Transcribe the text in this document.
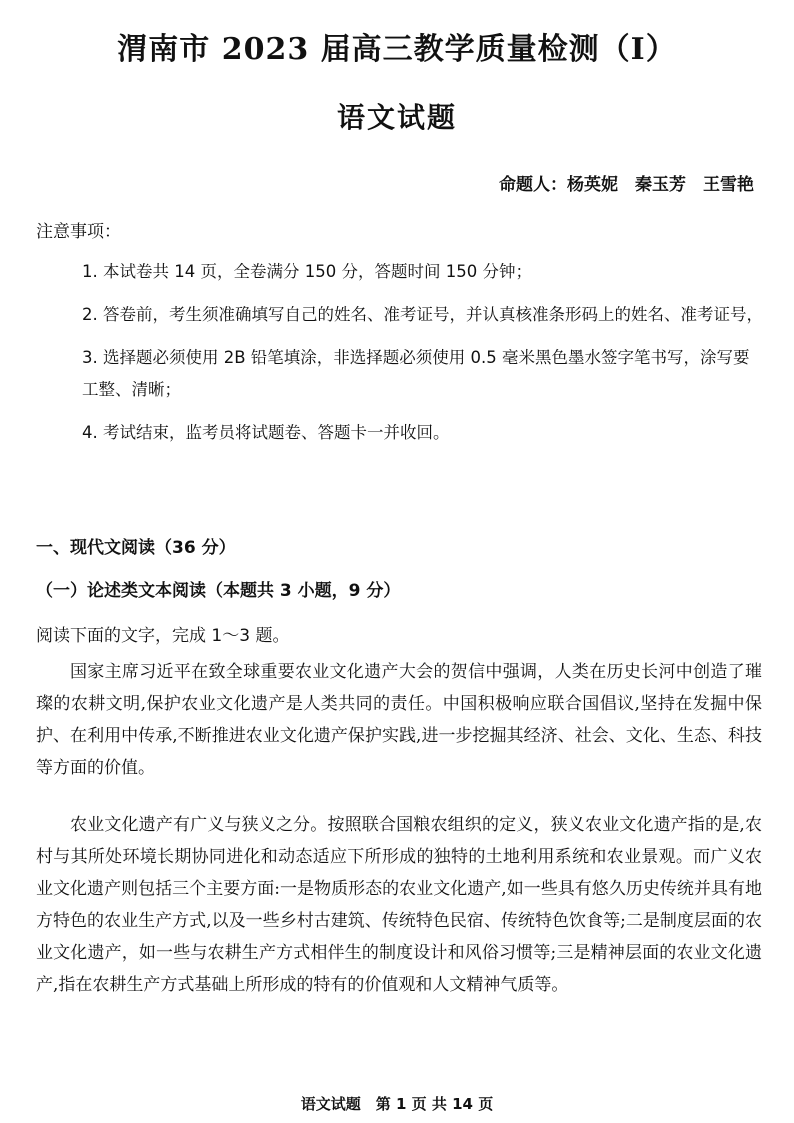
渭南市 2023 届高三教学质量检测（Ⅰ）
语文试题
命题人：杨英妮　秦玉芳　王雪艳
注意事项：
1. 本试卷共 14 页，全卷满分 150 分，答题时间 150 分钟；
2. 答卷前，考生须准确填写自己的姓名、准考证号，并认真核准条形码上的姓名、准考证号，
3. 选择题必须使用 2B 铅笔填涂，非选择题必须使用 0.5 毫米黑色墨水签字笔书写，涂写要工整、清晰；
4. 考试结束，监考员将试题卷、答题卡一并收回。
一、现代文阅读（36 分）
（一）论述类文本阅读（本题共 3 小题，9 分）
阅读下面的文字，完成 1～3 题。

国家主席习近平在致全球重要农业文化遗产大会的贺信中强调，人类在历史长河中创造了璀璨的农耕文明,保护农业文化遗产是人类共同的责任。中国积极响应联合国倡议,坚持在发掘中保护、在利用中传承,不断推进农业文化遗产保护实践,进一步挖掘其经济、社会、文化、生态、科技等方面的价值。

农业文化遗产有广义与狭义之分。按照联合国粮农组织的定义，狭义农业文化遗产指的是,农村与其所处环境长期协同进化和动态适应下所形成的独特的土地利用系统和农业景观。而广义农业文化遗产则包括三个主要方面:一是物质形态的农业文化遗产,如一些具有悠久历史传统并具有地方特色的农业生产方式,以及一些乡村古建筑、传统特色民宿、传统特色饮食等;二是制度层面的农业文化遗产，如一些与农耕生产方式相伴生的制度设计和风俗习惯等;三是精神层面的农业文化遗产,指在农耕生产方式基础上所形成的特有的价值观和人文精神气质等。

语文试题　第 1 页 共 14 页
